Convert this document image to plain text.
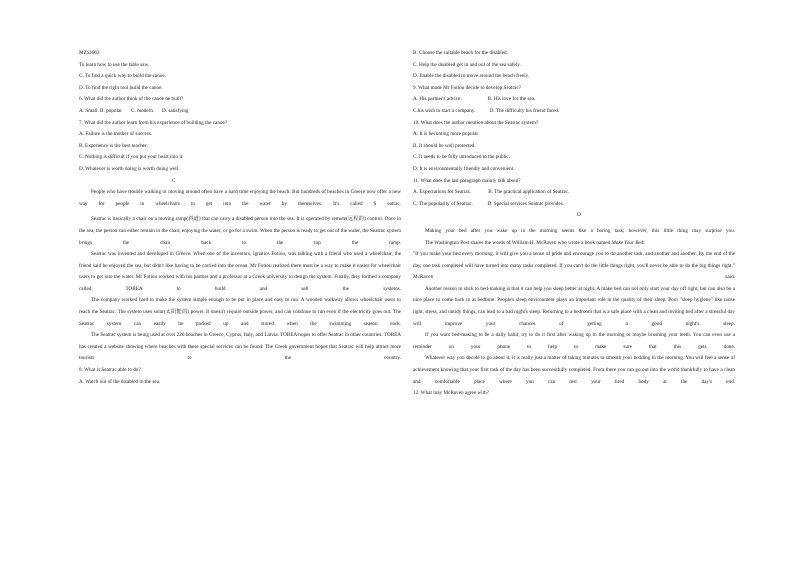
MZSJ663
To learn how to use the table saw.
C. To find a quick way to build the canoe.
D. To find the right tool build the canoe.
6. What did the author think of the canoe he built?
A. Small. B. popular       C. modern.      D. satisfying
7. What did the author learn from his experience of building the canoe?
A. Failure is the mother of success.
B. Experience is the best teacher.
C. Nothing is difficult if you put your heart into it.
D. Whatever is worth doing is worth doing well.
C
People who have trouble walking or moving around often have a hard time enjoying the beach. But hundreds of beaches in Greece now offer a new way for people in wheelchairs to get into the water by themselves. It's called S eatrac.
Seatrac is basically a chair on a moving ramp(斜道) that can carry a disabled person into the sea. It is operated by remote(远程的) control. Once in the sea, the person can either remain in the chair, enjoying the water, or go for a swim. When the person is ready to get out of the water, the Seatrac system brings the chair back to the top the ramp.
Seatrac was invented and developed in Greece. When one of the inventors, Ignatios Fotiou, was talking with a friend who used a wheelchair, the friend said he enjoyed the sea, but didn't like having to be carried into the ocean. Mr Fotiou realized there must be a way to make it easier for wheelchair users to get into the water. Mr Fotiou worked with his partner and a professor at a Greek university to design the system. Finally, they formed a company called TOBEA to build and sell the systems.
The company worked hard to make the system simple enough to be put in place and easy to run. A wooden walkway allows wheelchair users to reach the Seatrac. The system uses solar(太阳能的) power. It doesn't require outside power, and can continue to run even if the electricity goes out. The Seatrac system can easily be packed up and stored when the swimming season ends.
The Seatrac system is being used at over 220 beaches in Greece, Cyprus, Italy, and Latvia. TOBEA hopes to offer Seatrac in other countries. TOBEA has created a website showing where beaches with these special services can be found. The Greek government hopes that Seatrac will help attract more tourists to the country.
8. What is Seatrac able to do?
A. Watch out of the disabled in the sea.
B. Choose the suitable beach for the disabled.
C. Help the disabled get in and out of the sea safely.
D. Enable the disabled to move around the beach freely.
9. What made Mr Fotiou decide to develop Seatrac?
A. His partner's advice.                    B. His love for the sea.
C.his wish to start a company.           D. The difficulty his friend faced.
10. What does the author mention about the Seatrac system?
A. It is becoming more popular.
B. It should be well protected.
C. It needs to be fully introduced to the public.
D. It is environmentally friendly and convenient.
11. What does the last paragraph mainly talk about?
A. Expectations for Seatrac.             B. The practical application of Seatrac.
C. The popularity of Seatrac.           D. Special services Seatrac provides.
D
Making your bed after you wake up in the morning seems like a boring task; however, this little thing may surprise you.
The Washington Post shares the words of William H. McRaven who wrote a book named Make Your Bed:
"If you make your bed every morning, it will give you a sense of pride and encourage you to do another task, and another and another. By the end of the day, one task completed will have turned into many tasks completed. If you can't do the little things right, you'll never be able to do the big things right." McRaven said.
Another reason to stick to bed-making is that it can help you sleep better at night. A make bed can not only start your day off right, but can also be a nice place to come back to at bedtime. People's sleep environment plays an important role in the quality of their sleep. Poor "sleep hygiene" like noise light, stress, and untidy things, can lead to a bad night's sleep. Returning to a bedroom that is a safe place with a clean and inviting bed after a stressful day will improve your chances of getting a good night's sleep.
If you want bed-making to be a daily habit, try to do it first after waking up in the morning or maybe brushing your teeth. You can even use a reminder on your phone to help to make sure that this gets done.
Whatever way you decide to go about it, it is really just a matter of taking minutes to smooth your bedding in the morning. You will feel a sense of achievement knowing that your first task of the day has been successfully completed. From there you can go out into the world thankfully to have a clean and comfortable place where you can rest your tired body at the day's end.
12. What may McRaven agree with?
